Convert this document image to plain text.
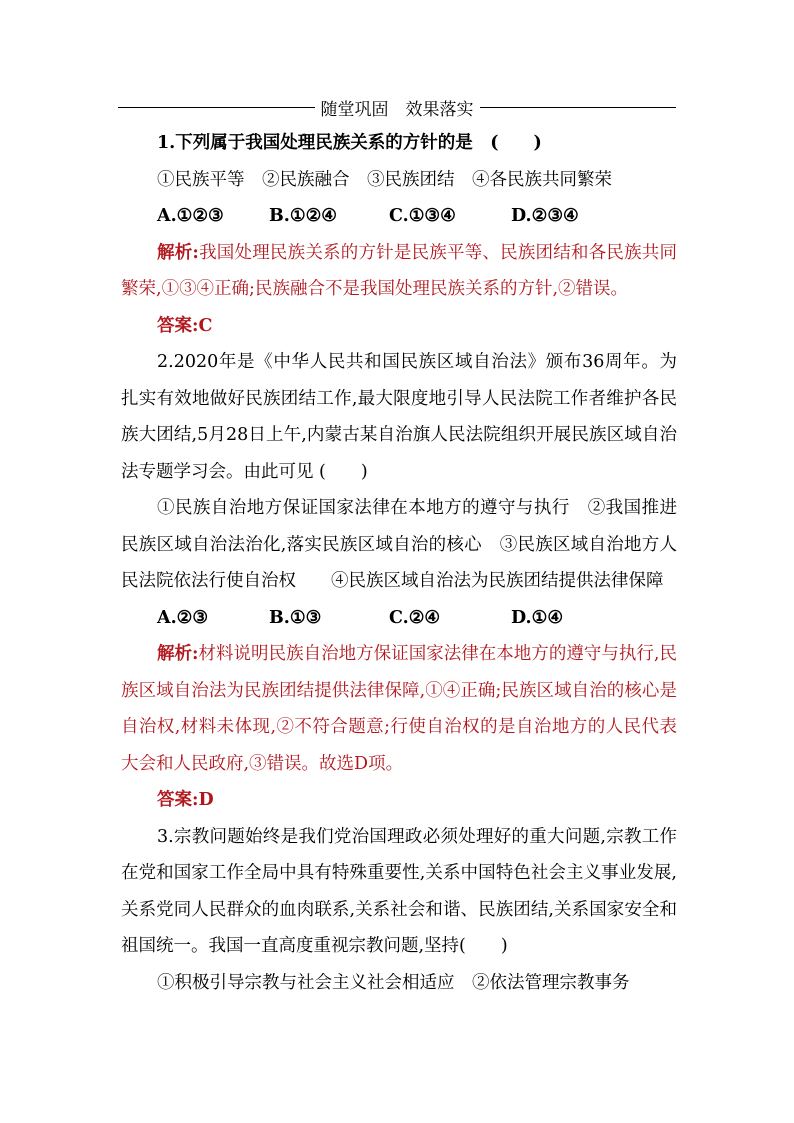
随堂巩固　效果落实

1.下列属于我国处理民族关系的方针的是　(　　)

①民族平等　②民族融合　③民族团结　④各民族共同繁荣

A.①②③	B.①②④	C.①③④	D.②③④

解析:我国处理民族关系的方针是民族平等、民族团结和各民族共同繁荣,①③④正确;民族融合不是我国处理民族关系的方针,②错误。

答案:C

2.2020年是《中华人民共和国民族区域自治法》颁布36周年。为扎实有效地做好民族团结工作,最大限度地引导人民法院工作者维护各民族大团结,5月28日上午,内蒙古某自治旗人民法院组织开展民族区域自治法专题学习会。由此可见 (　　)

①民族自治地方保证国家法律在本地方的遵守与执行　②我国推进民族区域自治法治化,落实民族区域自治的核心　③民族区域自治地方人民法院依法行使自治权　　④民族区域自治法为民族团结提供法律保障

A.②③	B.①③	C.②④	D.①④

解析:材料说明民族自治地方保证国家法律在本地方的遵守与执行,民族区域自治法为民族团结提供法律保障,①④正确;民族区域自治的核心是自治权,材料未体现,②不符合题意;行使自治权的是自治地方的人民代表大会和人民政府,③错误。故选D项。

答案:D

3.宗教问题始终是我们党治国理政必须处理好的重大问题,宗教工作在党和国家工作全局中具有特殊重要性,关系中国特色社会主义事业发展,关系党同人民群众的血肉联系,关系社会和谐、民族团结,关系国家安全和祖国统一。我国一直高度重视宗教问题,坚持(　　)

①积极引导宗教与社会主义社会相适应　②依法管理宗教事务
